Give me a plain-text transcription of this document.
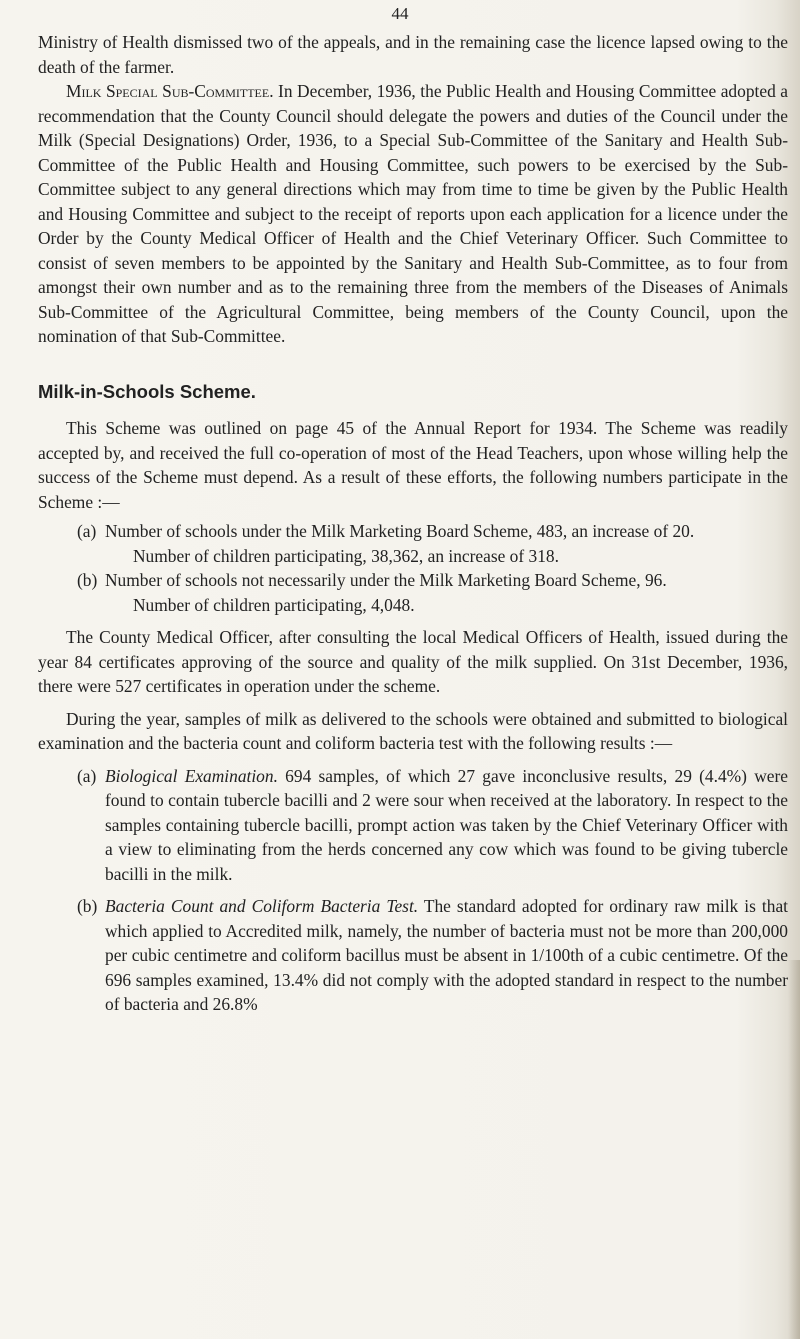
44

Ministry of Health dismissed two of the appeals, and in the remaining case the licence lapsed owing to the death of the farmer.

Milk Special Sub-Committee. In December, 1936, the Public Health and Housing Committee adopted a recommendation that the County Council should delegate the powers and duties of the Council under the Milk (Special Designations) Order, 1936, to a Special Sub-Committee of the Sanitary and Health Sub-Committee of the Public Health and Housing Committee, such powers to be exercised by the Sub-Committee subject to any general directions which may from time to time be given by the Public Health and Housing Committee and subject to the receipt of reports upon each application for a licence under the Order by the County Medical Officer of Health and the Chief Veterinary Officer. Such Committee to consist of seven members to be appointed by the Sanitary and Health Sub-Committee, as to four from amongst their own number and as to the remaining three from the members of the Diseases of Animals Sub-Committee of the Agricultural Committee, being members of the County Council, upon the nomination of that Sub-Committee.

Milk-in-Schools Scheme.

This Scheme was outlined on page 45 of the Annual Report for 1934. The Scheme was readily accepted by, and received the full co-operation of most of the Head Teachers, upon whose willing help the success of the Scheme must depend. As a result of these efforts, the following numbers participate in the Scheme :—

(a) Number of schools under the Milk Marketing Board Scheme, 483, an increase of 20.

Number of children participating, 38,362, an increase of 318.

(b) Number of schools not necessarily under the Milk Marketing Board Scheme, 96.

Number of children participating, 4,048.

The County Medical Officer, after consulting the local Medical Officers of Health, issued during the year 84 certificates approving of the source and quality of the milk supplied. On 31st December, 1936, there were 527 certificates in operation under the scheme.

During the year, samples of milk as delivered to the schools were obtained and submitted to biological examination and the bacteria count and coliform bacteria test with the following results :—

(a) Biological Examination. 694 samples, of which 27 gave inconclusive results, 29 (4.4%) were found to contain tubercle bacilli and 2 were sour when received at the laboratory. In respect to the samples containing tubercle bacilli, prompt action was taken by the Chief Veterinary Officer with a view to eliminating from the herds concerned any cow which was found to be giving tubercle bacilli in the milk.

(b) Bacteria Count and Coliform Bacteria Test. The standard adopted for ordinary raw milk is that which applied to Accredited milk, namely, the number of bacteria must not be more than 200,000 per cubic centimetre and coliform bacillus must be absent in 1/100th of a cubic centimetre. Of the 696 samples examined, 13.4% did not comply with the adopted standard in respect to the number of bacteria and 26.8%
